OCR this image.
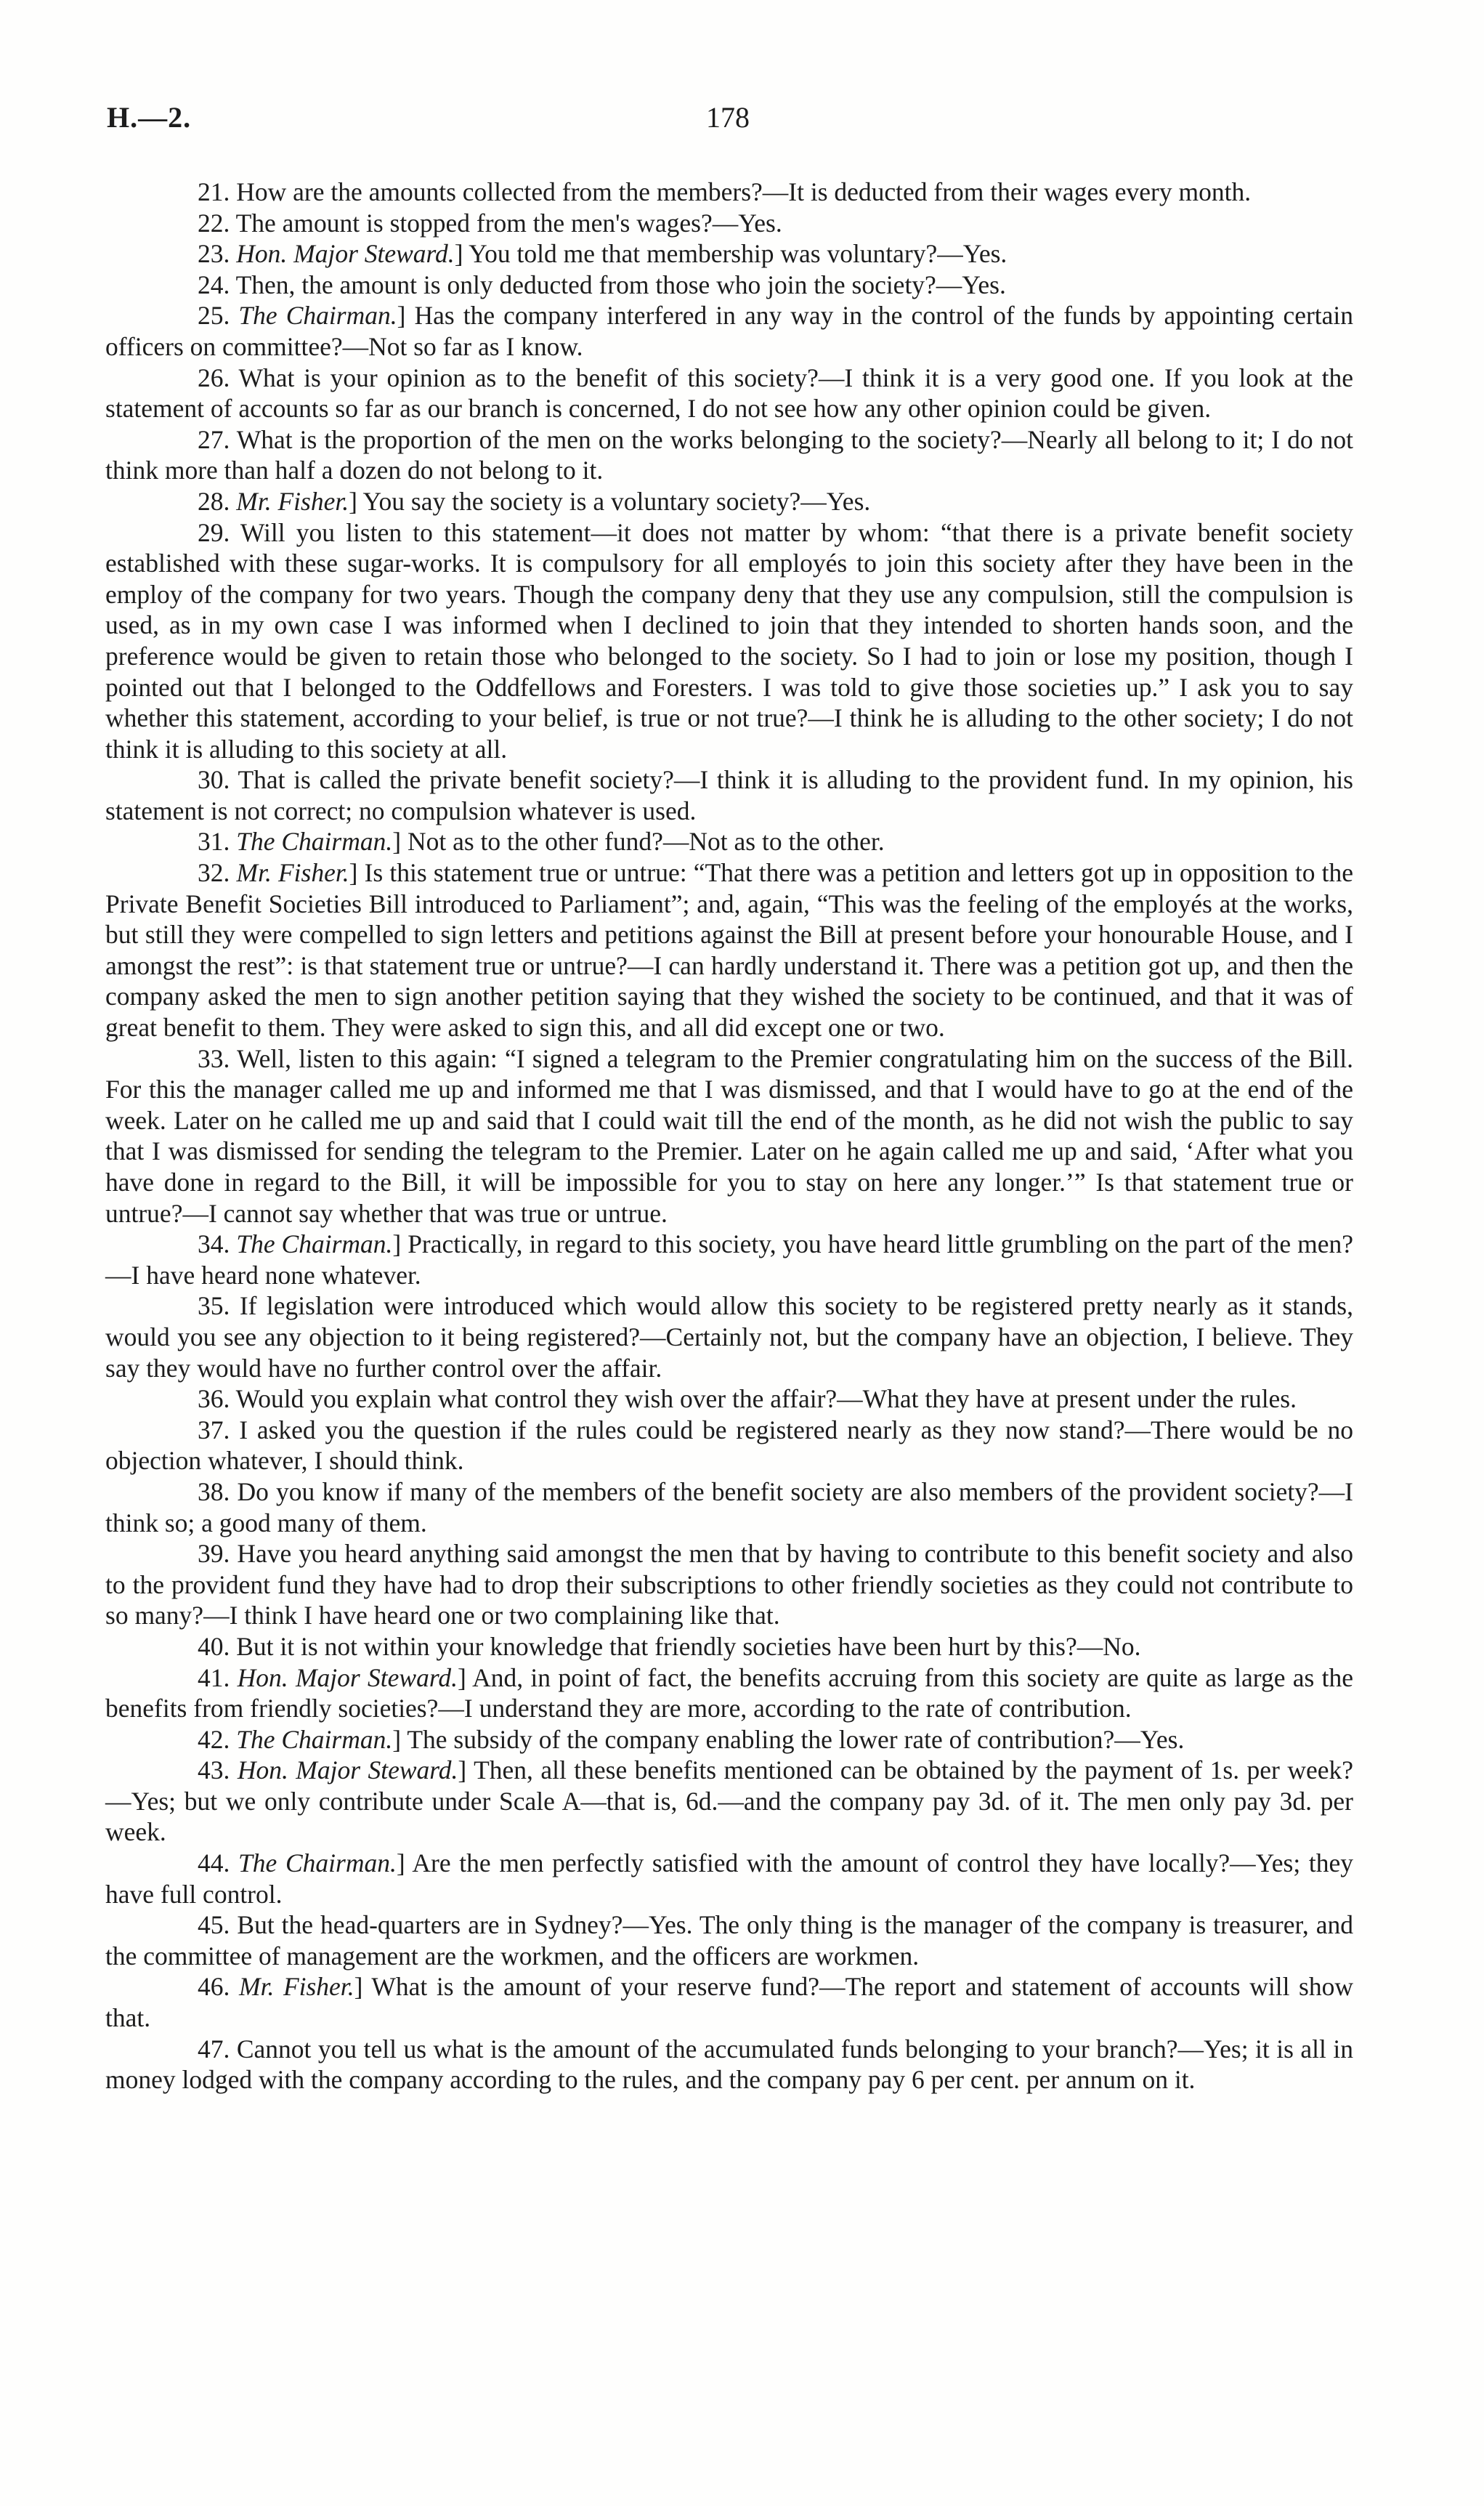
H.—2.	178

21. How are the amounts collected from the members?—It is deducted from their wages every month.

22. The amount is stopped from the men's wages?—Yes.

23. Hon. Major Steward.] You told me that membership was voluntary?—Yes.

24. Then, the amount is only deducted from those who join the society?—Yes.

25. The Chairman.] Has the company interfered in any way in the control of the funds by appointing certain officers on committee?—Not so far as I know.

26. What is your opinion as to the benefit of this society?—I think it is a very good one. If you look at the statement of accounts so far as our branch is concerned, I do not see how any other opinion could be given.

27. What is the proportion of the men on the works belonging to the society?—Nearly all belong to it; I do not think more than half a dozen do not belong to it.

28. Mr. Fisher.] You say the society is a voluntary society?—Yes.

29. Will you listen to this statement—it does not matter by whom: “that there is a private benefit society established with these sugar-works. It is compulsory for all employés to join this society after they have been in the employ of the company for two years. Though the company deny that they use any compulsion, still the compulsion is used, as in my own case I was informed when I declined to join that they intended to shorten hands soon, and the preference would be given to retain those who belonged to the society. So I had to join or lose my position, though I pointed out that I belonged to the Oddfellows and Foresters. I was told to give those societies up.” I ask you to say whether this statement, according to your belief, is true or not true?—I think he is alluding to the other society; I do not think it is alluding to this society at all.

30. That is called the private benefit society?—I think it is alluding to the provident fund. In my opinion, his statement is not correct; no compulsion whatever is used.

31. The Chairman.] Not as to the other fund?—Not as to the other.

32. Mr. Fisher.] Is this statement true or untrue: “That there was a petition and letters got up in opposition to the Private Benefit Societies Bill introduced to Parliament”; and, again, “This was the feeling of the employés at the works, but still they were compelled to sign letters and petitions against the Bill at present before your honourable House, and I amongst the rest”: is that statement true or untrue?—I can hardly understand it. There was a petition got up, and then the company asked the men to sign another petition saying that they wished the society to be continued, and that it was of great benefit to them. They were asked to sign this, and all did except one or two.

33. Well, listen to this again: “I signed a telegram to the Premier congratulating him on the success of the Bill. For this the manager called me up and informed me that I was dismissed, and that I would have to go at the end of the week. Later on he called me up and said that I could wait till the end of the month, as he did not wish the public to say that I was dismissed for sending the telegram to the Premier. Later on he again called me up and said, ‘After what you have done in regard to the Bill, it will be impossible for you to stay on here any longer.’” Is that statement true or untrue?—I cannot say whether that was true or untrue.

34. The Chairman.] Practically, in regard to this society, you have heard little grumbling on the part of the men?—I have heard none whatever.

35. If legislation were introduced which would allow this society to be registered pretty nearly as it stands, would you see any objection to it being registered?—Certainly not, but the company have an objection, I believe. They say they would have no further control over the affair.

36. Would you explain what control they wish over the affair?—What they have at present under the rules.

37. I asked you the question if the rules could be registered nearly as they now stand?—There would be no objection whatever, I should think.

38. Do you know if many of the members of the benefit society are also members of the provident society?—I think so; a good many of them.

39. Have you heard anything said amongst the men that by having to contribute to this benefit society and also to the provident fund they have had to drop their subscriptions to other friendly societies as they could not contribute to so many?—I think I have heard one or two complaining like that.

40. But it is not within your knowledge that friendly societies have been hurt by this?—No.

41. Hon. Major Steward.] And, in point of fact, the benefits accruing from this society are quite as large as the benefits from friendly societies?—I understand they are more, according to the rate of contribution.

42. The Chairman.] The subsidy of the company enabling the lower rate of contribution?—Yes.

43. Hon. Major Steward.] Then, all these benefits mentioned can be obtained by the payment of 1s. per week?—Yes; but we only contribute under Scale A—that is, 6d.—and the company pay 3d. of it. The men only pay 3d. per week.

44. The Chairman.] Are the men perfectly satisfied with the amount of control they have locally?—Yes; they have full control.

45. But the head-quarters are in Sydney?—Yes. The only thing is the manager of the company is treasurer, and the committee of management are the workmen, and the officers are workmen.

46. Mr. Fisher.] What is the amount of your reserve fund?—The report and statement of accounts will show that.

47. Cannot you tell us what is the amount of the accumulated funds belonging to your branch?—Yes; it is all in money lodged with the company according to the rules, and the company pay 6 per cent. per annum on it.
